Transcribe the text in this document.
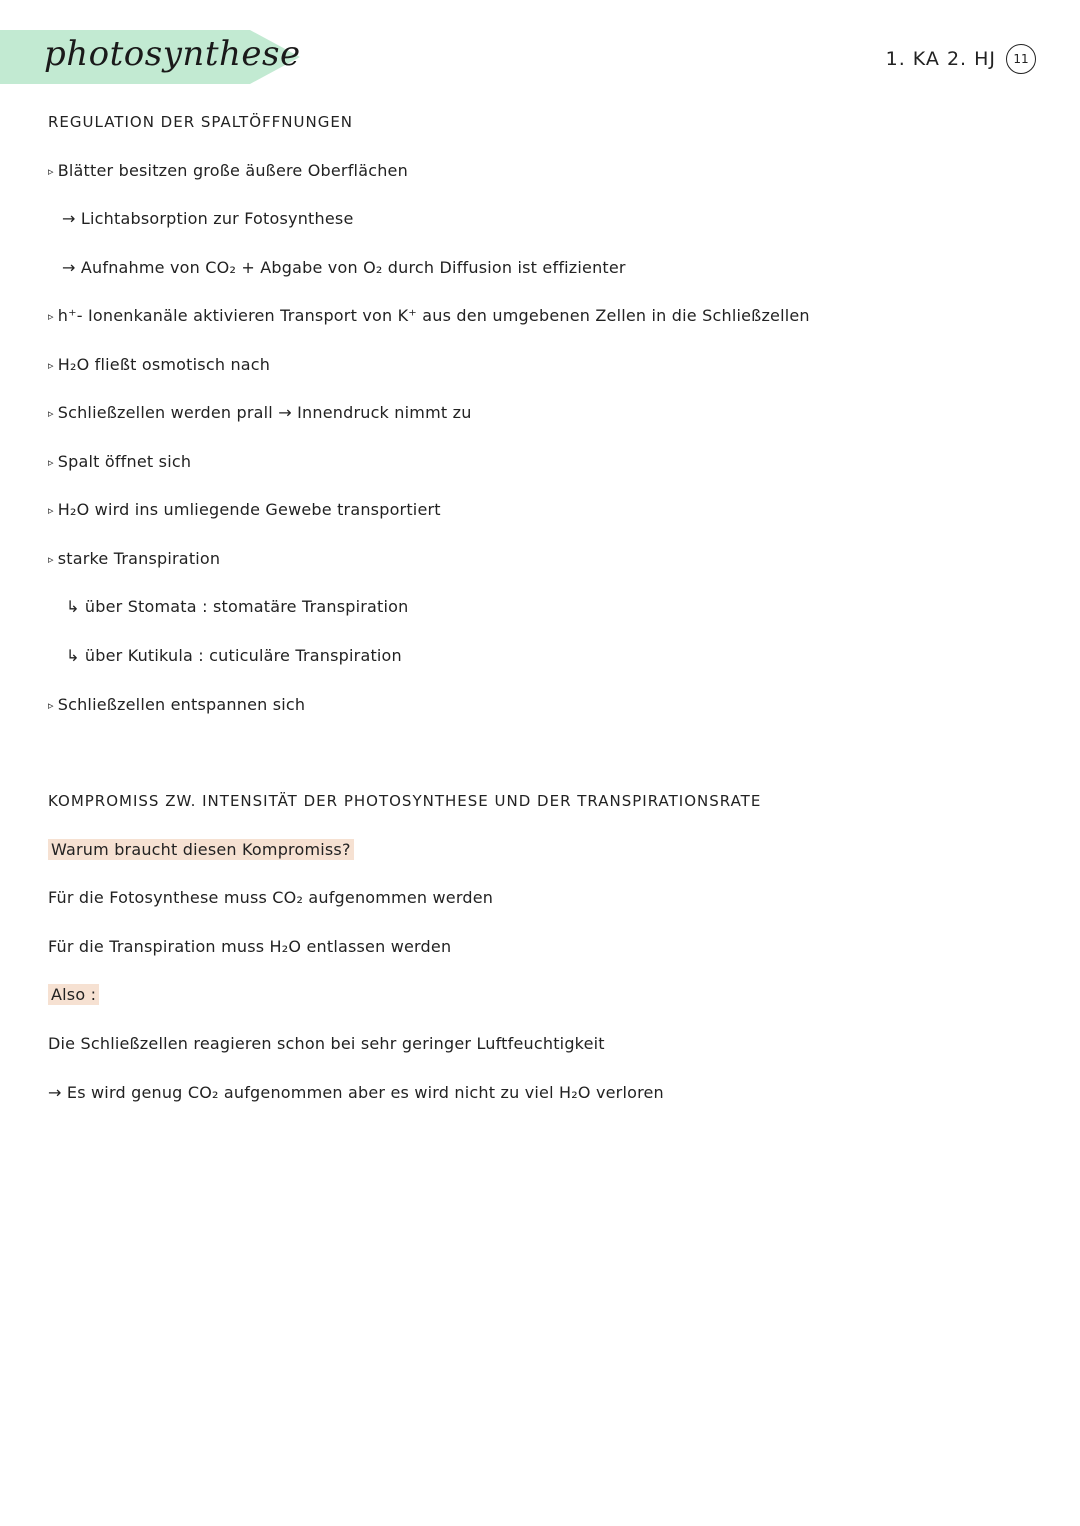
photosynthese	1. KA 2. HJ	11
REGULATION DER SPALTÖFFNUNGEN
▹ Blätter besitzen große äußere Oberflächen
→ Lichtabsorption zur Fotosynthese
→ Aufnahme von CO₂ + Abgabe von O₂ durch Diffusion ist effizienter
▹ h⁺- Ionenkanäle aktivieren Transport von K⁺ aus den umgebenen Zellen in die Schließzellen
▹ H₂O fließt osmotisch nach
▹ Schließzellen werden prall → Innendruck nimmt zu
▹ Spalt öffnet sich
▹ H₂O wird ins umliegende Gewebe transportiert
▹ starke Transpiration
↳ über Stomata : stomatäre Transpiration
↳ über Kutikula : cuticuläre Transpiration
▹ Schließzellen entspannen sich
KOMPROMISS ZW. INTENSITÄT DER PHOTOSYNTHESE UND DER TRANSPIRATIONSRATE
Warum braucht diesen Kompromiss?
Für die Fotosynthese muss CO₂ aufgenommen werden
Für die Transpiration muss H₂O entlassen werden
Also :
Die Schließzellen reagieren schon bei sehr geringer Luftfeuchtigkeit
→ Es wird genug CO₂ aufgenommen aber es wird nicht zu viel H₂O verloren
